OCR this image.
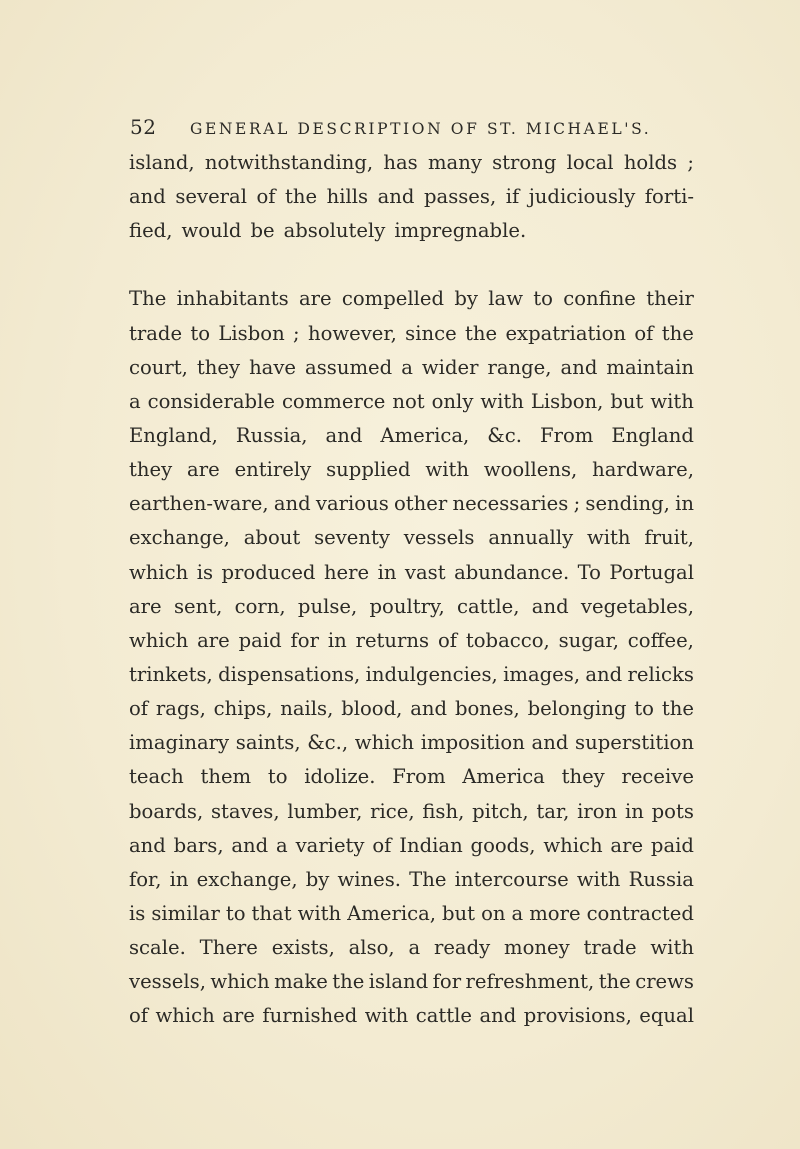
52	GENERAL DESCRIPTION OF ST. MICHAEL'S.
island, notwithstanding, has many strong local holds ;
and several of the hills and passes, if judiciously forti-
fied, would be absolutely impregnable.
The inhabitants are compelled by law to confine their
trade to Lisbon ; however, since the expatriation of the
court, they have assumed a wider range, and maintain
a considerable commerce not only with Lisbon, but with
England, Russia, and America, &c. From England
they are entirely supplied with woollens, hardware,
earthen-ware, and various other necessaries ; sending, in
exchange, about seventy vessels annually with fruit,
which is produced here in vast abundance. To Portugal
are sent, corn, pulse, poultry, cattle, and vegetables,
which are paid for in returns of tobacco, sugar, coffee,
trinkets, dispensations, indulgencies, images, and relicks
of rags, chips, nails, blood, and bones, belonging to the
imaginary saints, &c., which imposition and superstition
teach them to idolize. From America they receive
boards, staves, lumber, rice, fish, pitch, tar, iron in pots
and bars, and a variety of Indian goods, which are paid
for, in exchange, by wines. The intercourse with Russia
is similar to that with America, but on a more contracted
scale. There exists, also, a ready money trade with
vessels, which make the island for refreshment, the crews
of which are furnished with cattle and provisions, equal
